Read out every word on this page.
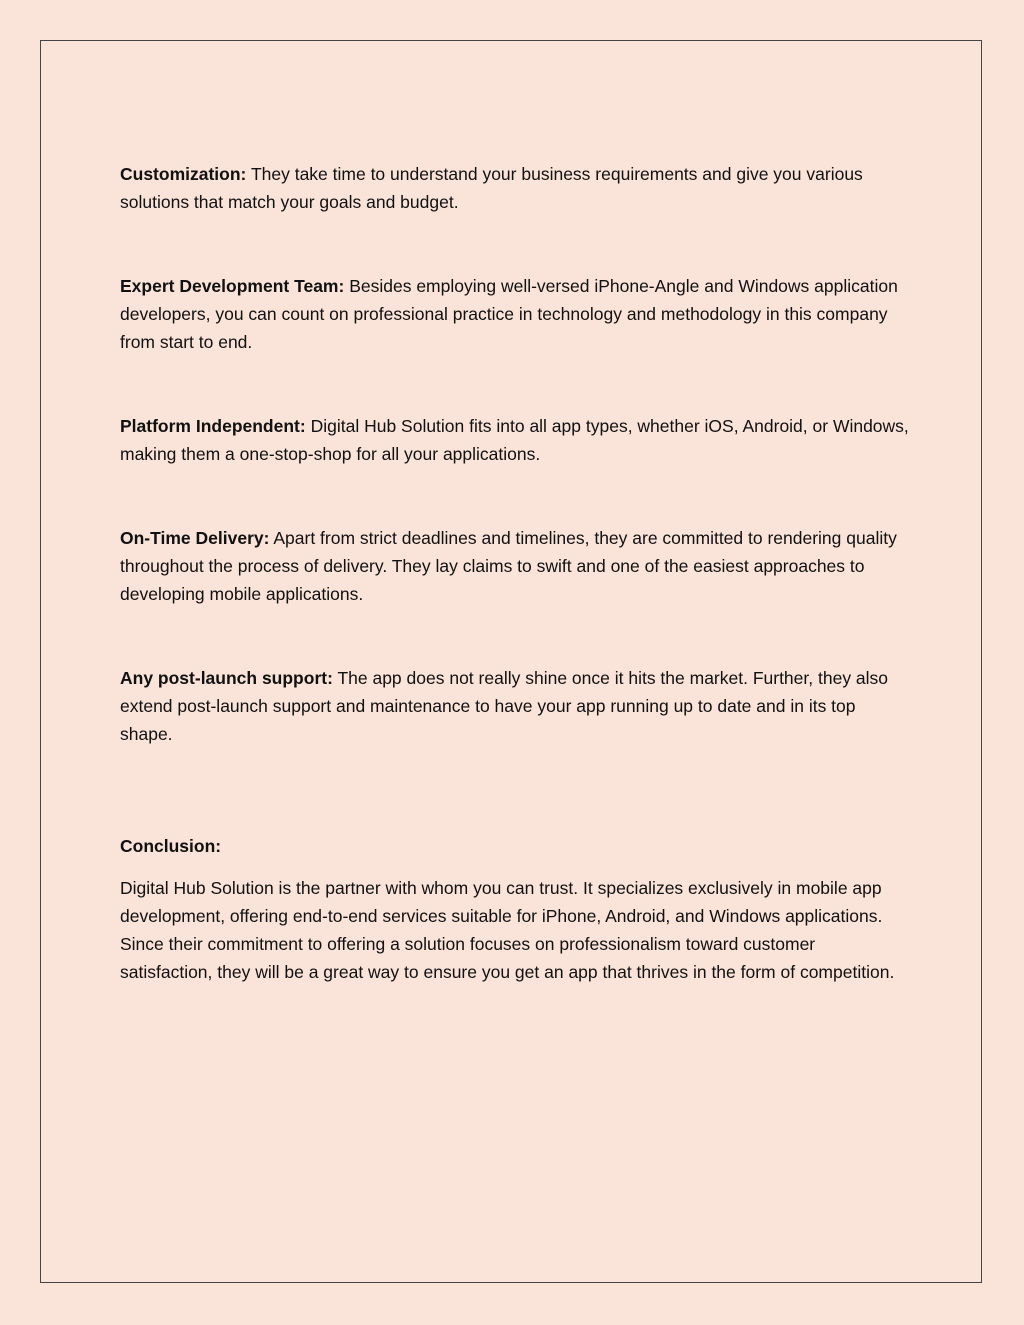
Customization: They take time to understand your business requirements and give you various solutions that match your goals and budget.

Expert Development Team: Besides employing well-versed iPhone-Angle and Windows application developers, you can count on professional practice in technology and methodology in this company from start to end.

Platform Independent: Digital Hub Solution fits into all app types, whether iOS, Android, or Windows, making them a one-stop-shop for all your applications.

On-Time Delivery: Apart from strict deadlines and timelines, they are committed to rendering quality throughout the process of delivery. They lay claims to swift and one of the easiest approaches to developing mobile applications.

Any post-launch support: The app does not really shine once it hits the market. Further, they also extend post-launch support and maintenance to have your app running up to date and in its top shape.

Conclusion:

Digital Hub Solution is the partner with whom you can trust. It specializes exclusively in mobile app development, offering end-to-end services suitable for iPhone, Android, and Windows applications. Since their commitment to offering a solution focuses on professionalism toward customer satisfaction, they will be a great way to ensure you get an app that thrives in the form of competition.
